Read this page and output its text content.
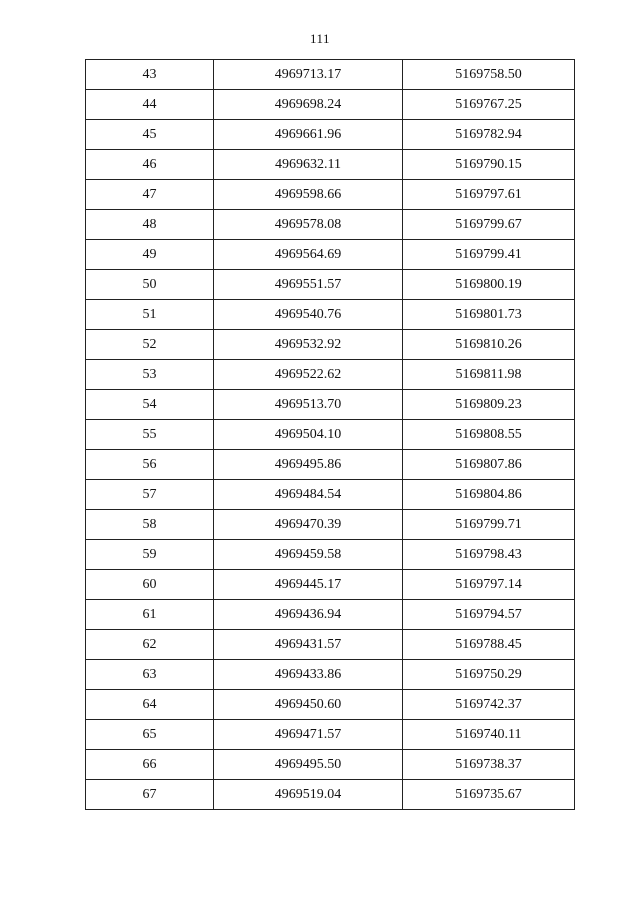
111
43	4969713.17	5169758.50
44	4969698.24	5169767.25
45	4969661.96	5169782.94
46	4969632.11	5169790.15
47	4969598.66	5169797.61
48	4969578.08	5169799.67
49	4969564.69	5169799.41
50	4969551.57	5169800.19
51	4969540.76	5169801.73
52	4969532.92	5169810.26
53	4969522.62	5169811.98
54	4969513.70	5169809.23
55	4969504.10	5169808.55
56	4969495.86	5169807.86
57	4969484.54	5169804.86
58	4969470.39	5169799.71
59	4969459.58	5169798.43
60	4969445.17	5169797.14
61	4969436.94	5169794.57
62	4969431.57	5169788.45
63	4969433.86	5169750.29
64	4969450.60	5169742.37
65	4969471.57	5169740.11
66	4969495.50	5169738.37
67	4969519.04	5169735.67
